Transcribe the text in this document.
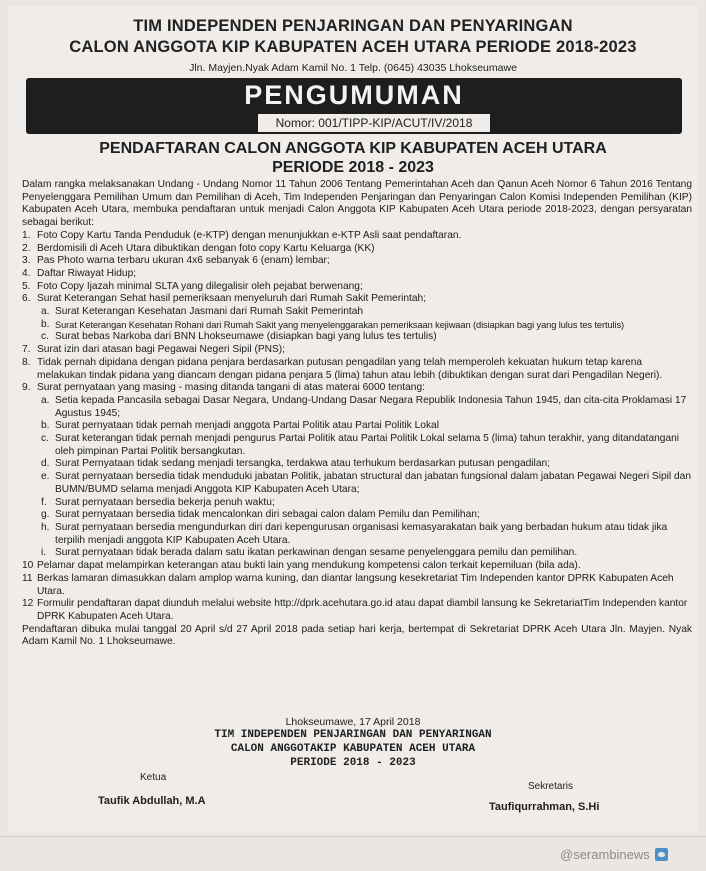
TIM INDEPENDEN PENJARINGAN DAN PENYARINGAN
CALON ANGGOTA KIP KABUPATEN ACEH UTARA PERIODE 2018-2023
Jln. Mayjen.Nyak Adam Kamil No. 1 Telp. (0645) 43035 Lhokseumawe
PENGUMUMAN
Nomor: 001/TIPP-KIP/ACUT/IV/2018
PENDAFTARAN CALON ANGGOTA KIP KABUPATEN ACEH UTARA
PERIODE 2018 - 2023

Dalam rangka melaksanakan Undang - Undang Nomor 11 Tahun 2006 Tentang Pemerintahan Aceh dan Qanun Aceh Nomor 6 Tahun 2016 Tentang Penyelenggara Pemilihan Umum dan Pemilihan di Aceh, Tim Independen Penjaringan dan Penyaringan Calon Komisi Independen Pemilihan (KIP) Kabupaten Aceh Utara, membuka pendaftaran untuk menjadi Calon Anggota KIP Kabupaten Aceh Utara periode 2018-2023, dengan persyaratan sebagai berikut:

1. Foto Copy Kartu Tanda Penduduk (e-KTP) dengan menunjukkan e-KTP Asli saat pendaftaran.
2. Berdomisili di Aceh Utara dibuktikan dengan foto copy Kartu Keluarga (KK)
3. Pas Photo warna terbaru ukuran 4x6 sebanyak 6 (enam) lembar;
4. Daftar Riwayat Hidup;
5. Foto Copy Ijazah minimal SLTA yang dilegalisir oleh pejabat berwenang;
6. Surat Keterangan Sehat hasil pemeriksaan menyeluruh dari Rumah Sakit Pemerintah;
a. Surat Keterangan Kesehatan Jasmani dari Rumah Sakit Pemerintah
b. Surat Keterangan Kesehatan Rohani dari Rumah Sakit yang menyelenggarakan pemeriksaan kejiwaan (disiapkan bagi yang lulus tes tertulis)
c. Surat bebas Narkoba dari BNN Lhokseumawe (disiapkan bagi yang lulus tes tertulis)
7. Surat izin dari atasan bagi Pegawai Negeri Sipil (PNS);
8. Tidak pernah dipidana dengan pidana penjara berdasarkan putusan pengadilan yang telah memperoleh kekuatan hukum tetap karena melakukan tindak pidana yang diancam dengan pidana penjara 5 (lima) tahun atau lebih (dibuktikan dengan surat dari Pengadilan Negeri).
9. Surat pernyataan yang masing - masing ditanda tangani di atas materai 6000 tentang:
a. Setia kepada Pancasila sebagai Dasar Negara, Undang-Undang Dasar Negara Republik Indonesia Tahun 1945, dan cita-cita Proklamasi 17 Agustus 1945;
b. Surat pernyataan tidak pernah menjadi anggota Partai Politik atau Partai Politik Lokal
c. Surat keterangan tidak pernah menjadi pengurus Partai Politik atau Partai Politik Lokal selama 5 (lima) tahun terakhir, yang ditandatangani oleh pimpinan Partai Politik bersangkutan.
d. Surat Pernyataan tidak sedang menjadi tersangka, terdakwa atau terhukum berdasarkan putusan pengadilan;
e. Surat pernyataan bersedia tidak menduduki jabatan Politik, jabatan structural dan jabatan fungsional dalam jabatan Pegawai Negeri Sipil dan BUMN/BUMD selama menjadi Anggota KIP Kabupaten Aceh Utara;
f. Surat pernyataan bersedia bekerja penuh waktu;
g. Surat pernyataan bersedia tidak mencalonkan diri sebagai calon dalam Pemilu dan Pemilihan;
h. Surat pernyataan bersedia mengundurkan diri dari kepengurusan organisasi kemasyarakatan baik yang berbadan hukum atau tidak jika terpilih menjadi anggota KIP Kabupaten Aceh Utara.
i. Surat pernyataan tidak berada dalam satu ikatan perkawinan dengan sesame penyelenggara pemilu dan pemilihan.
10 Pelamar dapat melampirkan keterangan atau bukti lain yang mendukung kompetensi calon terkait kepemiluan (bila ada).
11 Berkas lamaran dimasukkan dalam amplop warna kuning, dan diantar langsung kesekretariat Tim Independen kantor DPRK Kabupaten Aceh Utara.
12 Formulir pendaftaran dapat diunduh melalui website http://dprk.acehutara.go.id atau dapat diambil lansung ke SekretariatTim Independen kantor DPRK Kabupaten Aceh Utara.

Pendaftaran dibuka mulai tanggal 20 April s/d 27 April 2018 pada setiap hari kerja, bertempat di Sekretariat DPRK Aceh Utara Jln. Mayjen. Nyak Adam Kamil No. 1 Lhokseumawe.

Lhokseumawe, 17 April 2018
TIM INDEPENDEN PENJARINGAN DAN PENYARINGAN
CALON ANGGOTAKIP KABUPATEN ACEH UTARA
PERIODE 2018 - 2023
Ketua
Taufik Abdullah, M.A
Sekretaris
Taufiqurrahman, S.Hi
@serambinews
